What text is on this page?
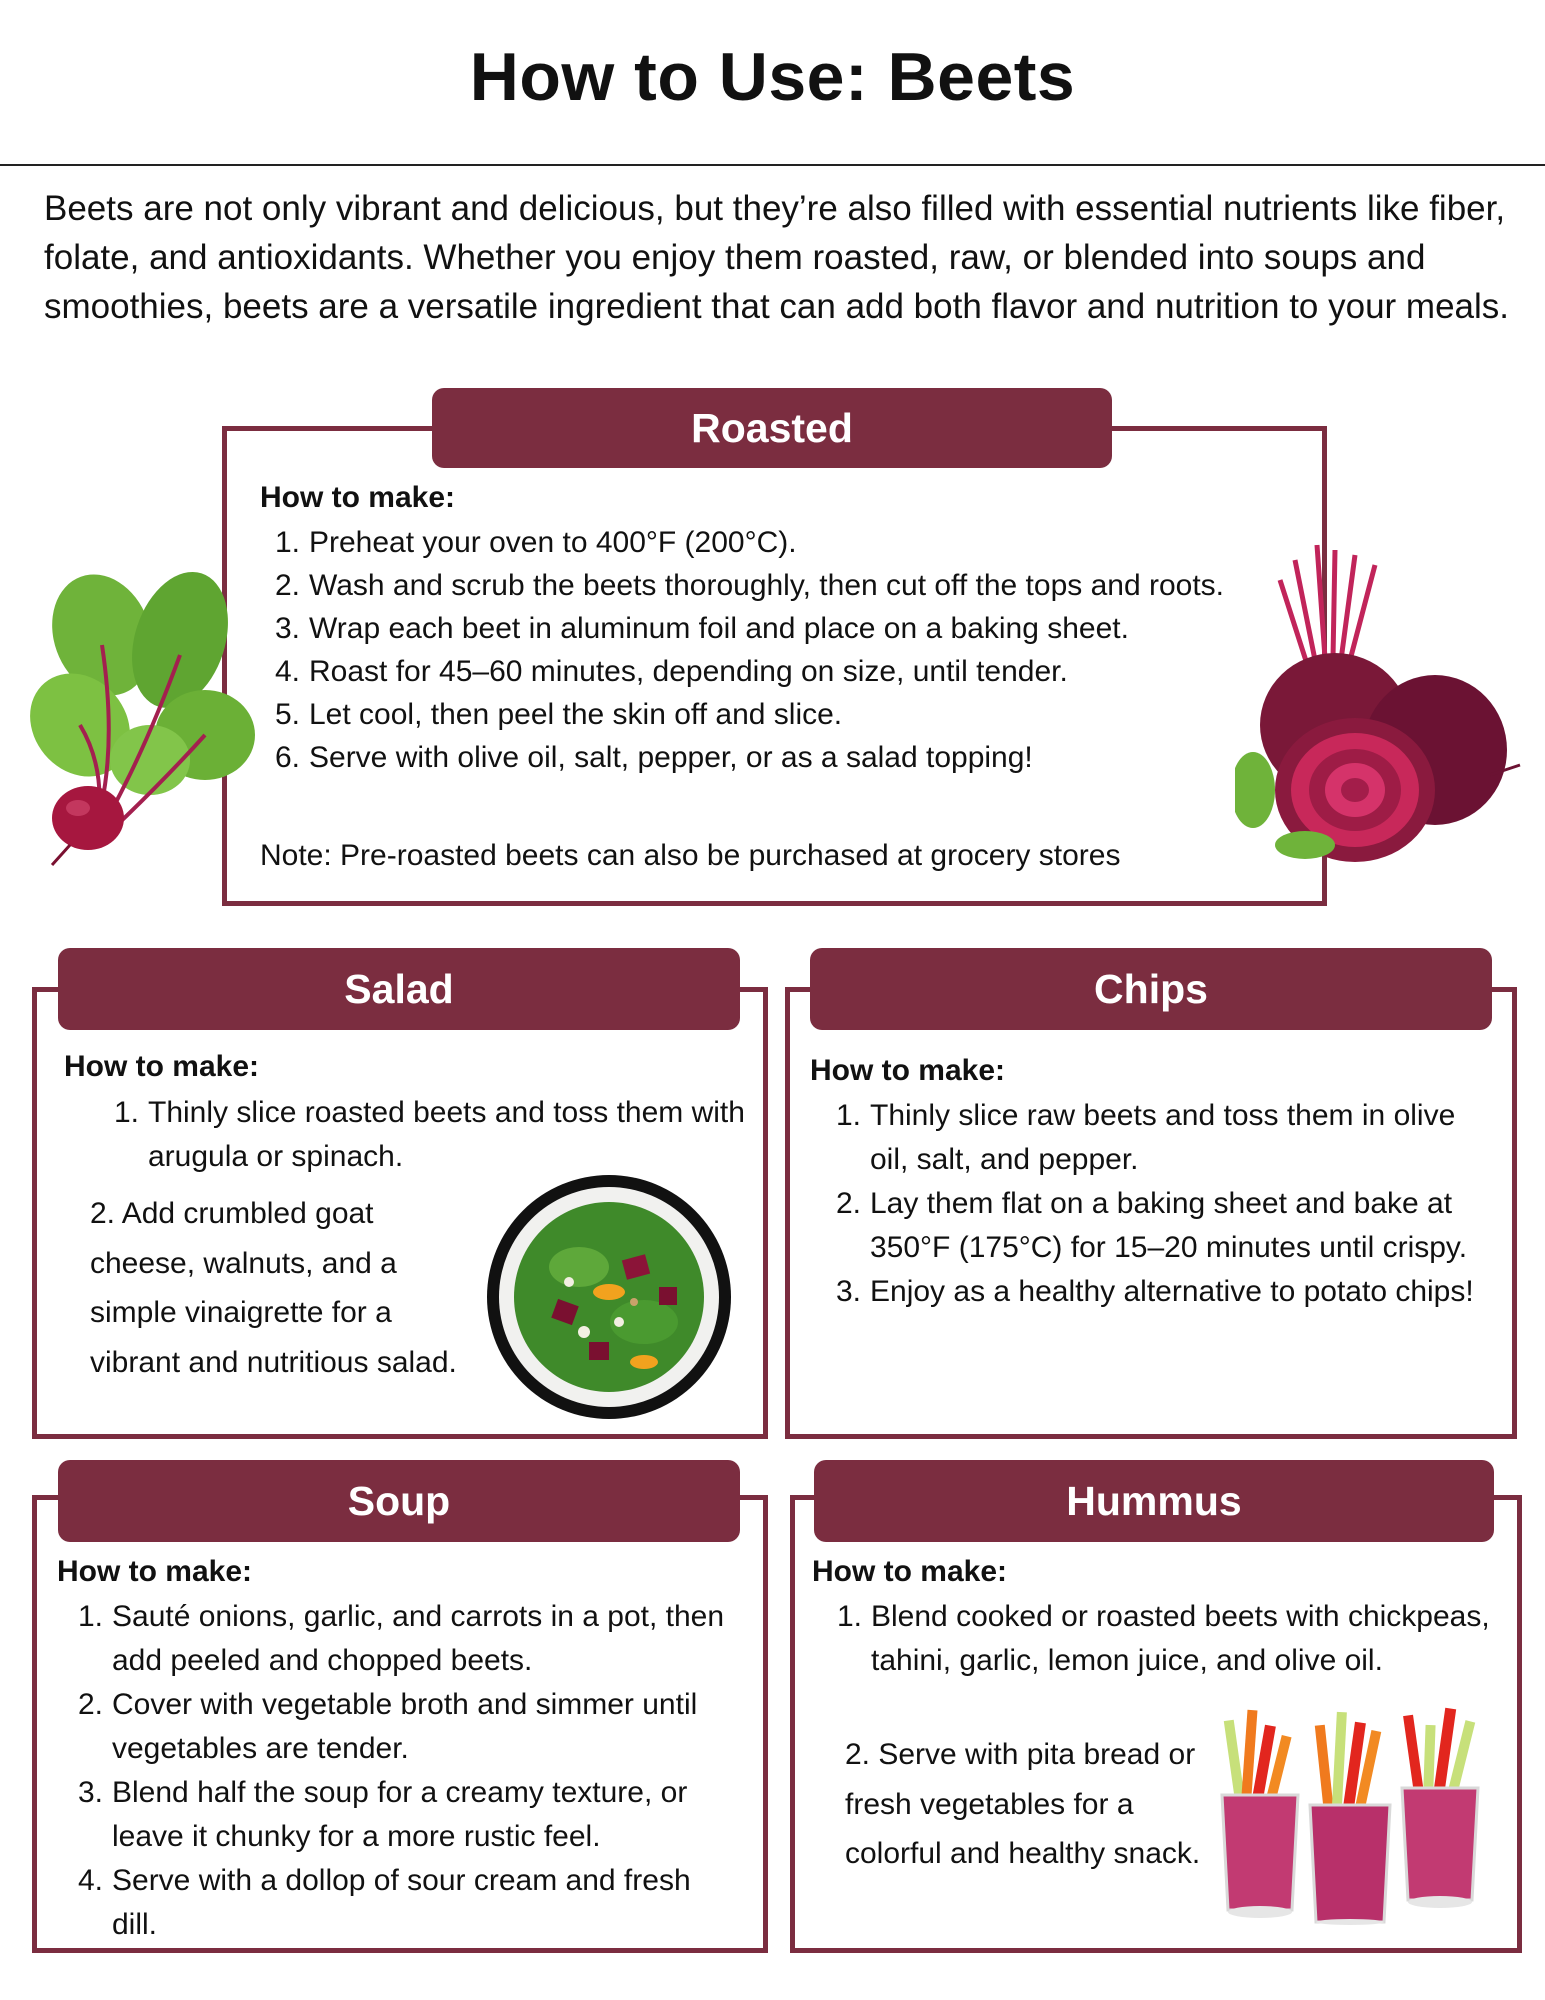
How to Use: Beets
Beets are not only vibrant and delicious, but they’re also filled with essential nutrients like fiber, folate, and antioxidants. Whether you enjoy them roasted, raw, or blended into soups and smoothies, beets are a versatile ingredient that can add both flavor and nutrition to your meals.
How to make:
1. Preheat your oven to 400°F (200°C).
2. Wash and scrub the beets thoroughly, then cut off the tops and roots.
3. Wrap each beet in aluminum foil and place on a baking sheet.
4. Roast for 45–60 minutes, depending on size, until tender.
5. Let cool, then peel the skin off and slice.
6. Serve with olive oil, salt, pepper, or as a salad topping!
Note: Pre-roasted beets can also be purchased at grocery stores
Roasted
How to make:
1. Thinly slice roasted beets and toss them with arugula or spinach.
2. Add crumbled goat cheese, walnuts, and a simple vinaigrette for a vibrant and nutritious salad.
Salad
How to make:
1. Thinly slice raw beets and toss them in olive oil, salt, and pepper.
2. Lay them flat on a baking sheet and bake at 350°F (175°C) for 15–20 minutes until crispy.
3. Enjoy as a healthy alternative to potato chips!
Chips
How to make:
1. Sauté onions, garlic, and carrots in a pot, then add peeled and chopped beets.
2. Cover with vegetable broth and simmer until vegetables are tender.
3. Blend half the soup for a creamy texture, or leave it chunky for a more rustic feel.
4. Serve with a dollop of sour cream and fresh dill.
Soup
How to make:
1. Blend cooked or roasted beets with chickpeas, tahini, garlic, lemon juice, and olive oil.
2. Serve with pita bread or fresh vegetables for a colorful and healthy snack.
Hummus
